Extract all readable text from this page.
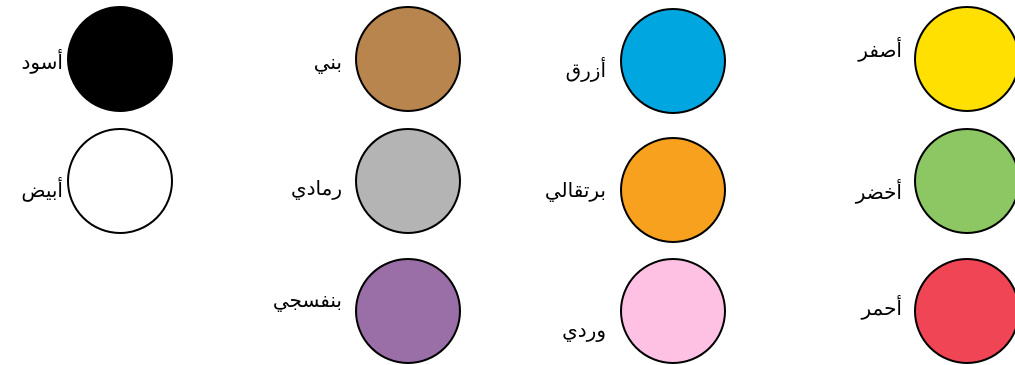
أصفر
أخضر
أحمر
أزرق
برتقالي
وردي
بني
رمادي
بنفسجي
أسود
أبيض
